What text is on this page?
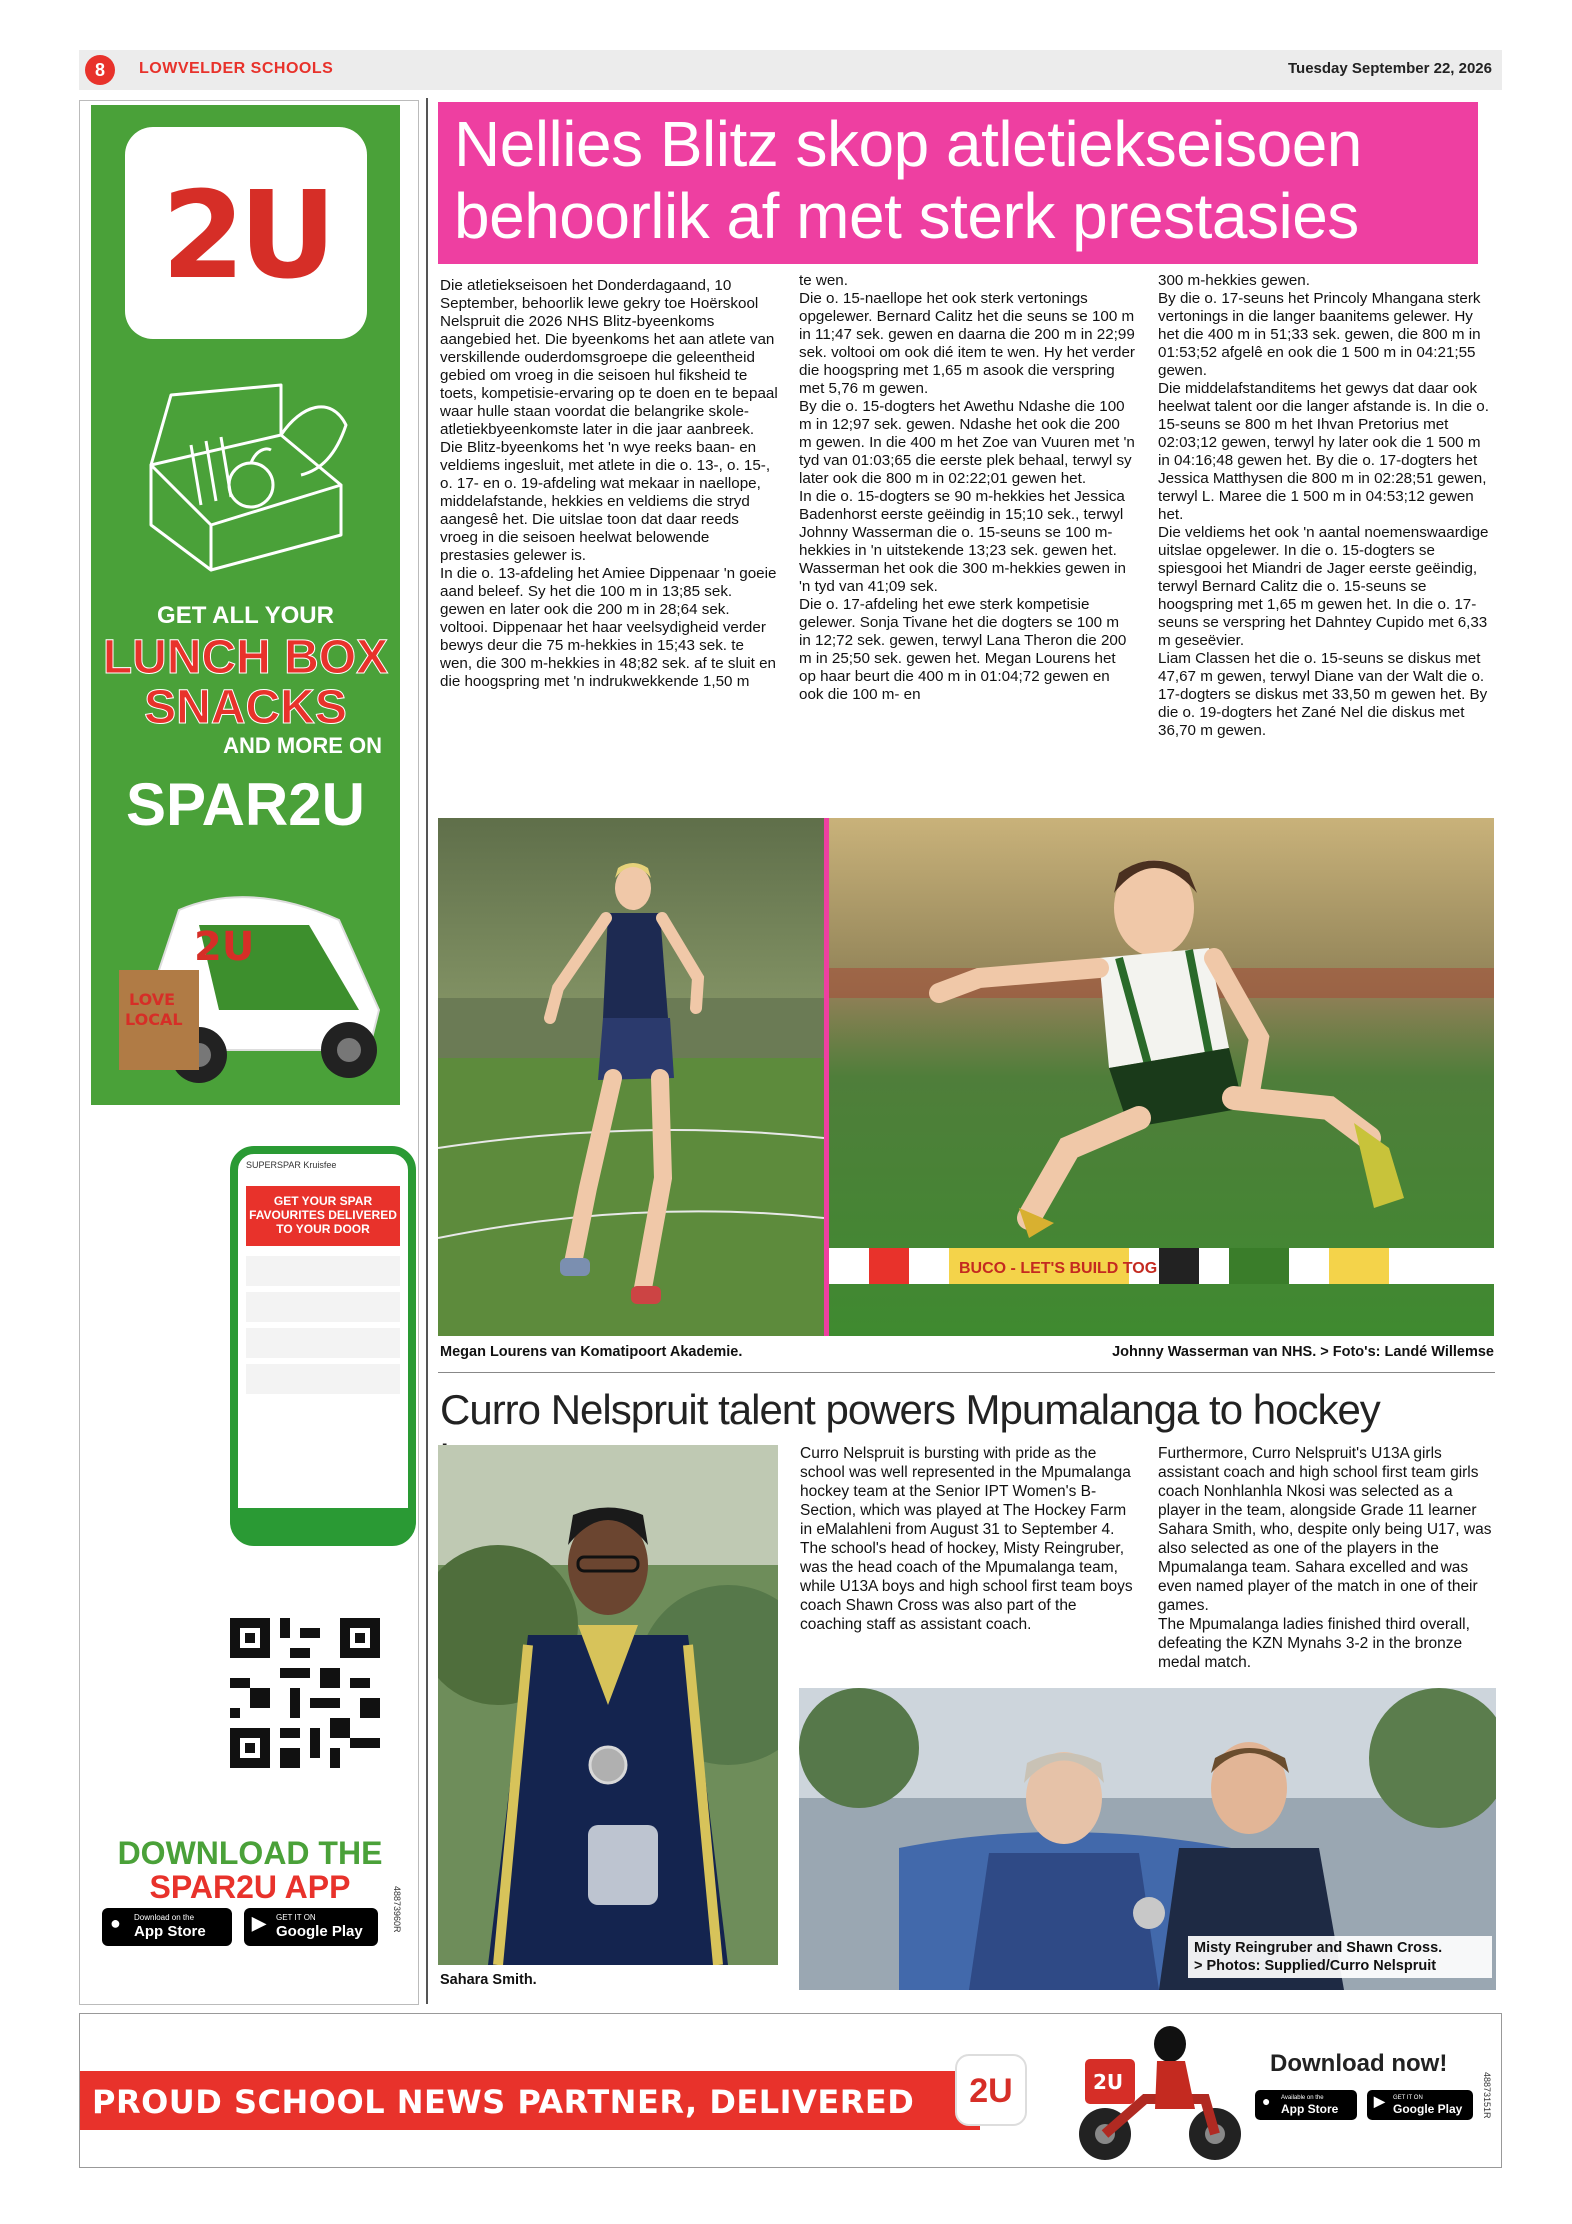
8	LOWVELDER SCHOOLS	Tuesday September 22, 2026
2U
GET ALL YOUR
LUNCH BOX SNACKS
AND MORE ON
SPAR2U
2U
LOVE
LOCAL
SUPERSPAR Kruisfee
GET YOUR SPAR FAVOURITES DELIVERED TO YOUR DOOR
DOWNLOAD THE
SPAR2U APP
● Download on the
App Store	▶ GET IT ON
Google Play	48873960R
Nellies Blitz skop atletiekseisoen
behoorlik af met sterk prestasies

Die atletiekseisoen het Donderdagaand, 10 September, behoorlik lewe gekry toe Hoërskool Nelspruit die 2026 NHS Blitz-byeenkoms aangebied het. Die byeenkoms het aan atlete van verskillende ouderdomsgroepe die geleentheid gebied om vroeg in die seisoen hul fiksheid te toets, kompetisie-ervaring op te doen en te bepaal waar hulle staan voordat die belangrike skole-atletiekbyeenkomste later in die jaar aanbreek.

Die Blitz-byeenkoms het 'n wye reeks baan- en veldiems ingesluit, met atlete in die o. 13-, o. 15-, o. 17- en o. 19-afdeling wat mekaar in naellope, middelafstande, hekkies en veldiems die stryd aangesê het. Die uitslae toon dat daar reeds vroeg in die seisoen heelwat belowende prestasies gelewer is.

In die o. 13-afdeling het Amiee Dippenaar 'n goeie aand beleef. Sy het die 100 m in 13;85 sek. gewen en later ook die 200 m in 28;64 sek. voltooi. Dippenaar het haar veelsydigheid verder bewys deur die 75 m-hekkies in 15;43 sek. te wen, die 300 m-hekkies in 48;82 sek. af te sluit en die hoogspring met 'n indrukwekkende 1,50 m

te wen.

Die o. 15-naellope het ook sterk vertonings opgelewer. Bernard Calitz het die seuns se 100 m in 11;47 sek. gewen en daarna die 200 m in 22;99 sek. voltooi om ook dié item te wen. Hy het verder die hoogspring met 1,65 m asook die verspring met 5,76 m gewen.

By die o. 15-dogters het Awethu Ndashe die 100 m in 12;97 sek. gewen. Ndashe het ook die 200 m gewen. In die 400 m het Zoe van Vuuren met 'n tyd van 01:03;65 die eerste plek behaal, terwyl sy later ook die 800 m in 02:22;01 gewen het.

In die o. 15-dogters se 90 m-hekkies het Jessica Badenhorst eerste geëindig in 15;10 sek., terwyl Johnny Wasserman die o. 15-seuns se 100 m-hekkies in 'n uitstekende 13;23 sek. gewen het. Wasserman het ook die 300 m-hekkies gewen in 'n tyd van 41;09 sek.

Die o. 17-afdeling het ewe sterk kompetisie gelewer. Sonja Tivane het die dogters se 100 m in 12;72 sek. gewen, terwyl Lana Theron die 200 m in 25;50 sek. gewen het. Megan Lourens het op haar beurt die 400 m in 01:04;72 gewen en ook die 100 m- en

300 m-hekkies gewen.

By die o. 17-seuns het Princoly Mhangana sterk vertonings in die langer baanitems gelewer. Hy het die 400 m in 51;33 sek. gewen, die 800 m in 01:53;52 afgelê en ook die 1 500 m in 04:21;55 gewen.

Die middelafstanditems het gewys dat daar ook heelwat talent oor die langer afstande is. In die o. 15-seuns se 800 m het Ihvan Pretorius met 02:03;12 gewen, terwyl hy later ook die 1 500 m in 04:16;48 gewen het. By die o. 17-dogters het Jessica Matthysen die 800 m in 02:28;51 gewen, terwyl L. Maree die 1 500 m in 04:53;12 gewen het.

Die veldiems het ook 'n aantal noemenswaardige uitslae opgelewer. In die o. 15-dogters se spiesgooi het Miandri de Jager eerste geëindig, terwyl Bernard Calitz die o. 15-seuns se hoogspring met 1,65 m gewen het. In die o. 17-seuns se verspring het Dahntey Cupido met 6,33 m geseëvier.

Liam Classen het die o. 15-seuns se diskus met 47,67 m gewen, terwyl Diane van der Walt die o. 17-dogters se diskus met 33,50 m gewen het. By die o. 19-dogters het Zané Nel die diskus met 36,70 m gewen.

BUCO - LET'S BUILD TOG
Megan Lourens van Komatipoort Akademie.	Johnny Wasserman van NHS. > Foto's: Landé Willemse
Curro Nelspruit talent powers Mpumalanga to hockey
Sahara Smith.

Curro Nelspruit is bursting with pride as the school was well represented in the Mpumalanga hockey team at the Senior IPT Women's B-Section, which was played at The Hockey Farm in eMalahleni from August 31 to September 4.

The school's head of hockey, Misty Reingruber, was the head coach of the Mpumalanga team, while U13A boys and high school first team boys coach Shawn Cross was also part of the coaching staff as assistant coach.

Furthermore, Curro Nelspruit's U13A girls assistant coach and high school first team girls coach Nonhlanhla Nkosi was selected as a player in the team, alongside Grade 11 learner Sahara Smith, who, despite only being U17, was also selected as one of the players in the Mpumalanga team. Sahara excelled and was even named player of the match in one of their games.

The Mpumalanga ladies finished third overall, defeating the KZN Mynahs 3-2 in the bronze medal match.

Misty Reingruber and Shawn Cross.
> Photos: Supplied/Curro Nelspruit
PROUD SCHOOL NEWS PARTNER, DELIVERED	2U	2U
Download now!
● Available on the
App Store	▶ GET IT ON
Google Play	48873151R
